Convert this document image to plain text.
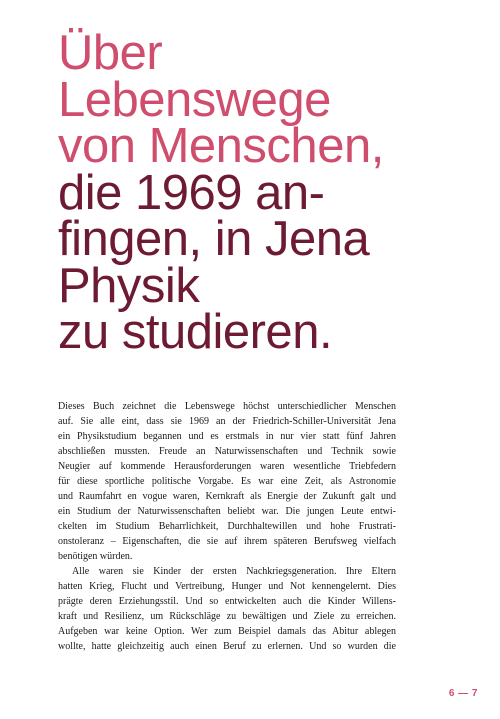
Über
Lebenswege
von Menschen,
die 1969 an-
fingen, in Jena
Physik
zu studieren.
Dieses Buch zeichnet die Lebenswege höchst unterschiedlicher Menschen
auf. Sie alle eint, dass sie 1969 an der Friedrich-Schiller-Universität Jena
ein Physikstudium begannen und es erstmals in nur vier statt fünf Jahren
abschließen mussten. Freude an Naturwissenschaften und Technik sowie
Neugier auf kommende Herausforderungen waren wesentliche Triebfedern
für diese sportliche politische Vorgabe. Es war eine Zeit, als Astronomie
und Raumfahrt en vogue waren, Kernkraft als Energie der Zukunft galt und
ein Studium der Naturwissenschaften beliebt war. Die jungen Leute entwi-
ckelten im Studium Beharrlichkeit, Durchhaltewillen und hohe Frustrati-
onstoleranz – Eigenschaften, die sie auf ihrem späteren Berufsweg vielfach
benötigen würden.
Alle waren sie Kinder der ersten Nachkriegsgeneration. Ihre Eltern
hatten Krieg, Flucht und Vertreibung, Hunger und Not kennengelernt. Dies
prägte deren Erziehungsstil. Und so entwickelten auch die Kinder Willens-
kraft und Resilienz, um Rückschläge zu bewältigen und Ziele zu erreichen.
Aufgeben war keine Option. Wer zum Beispiel damals das Abitur ablegen
wollte, hatte gleichzeitig auch einen Beruf zu erlernen. Und so wurden die

6 — 7
